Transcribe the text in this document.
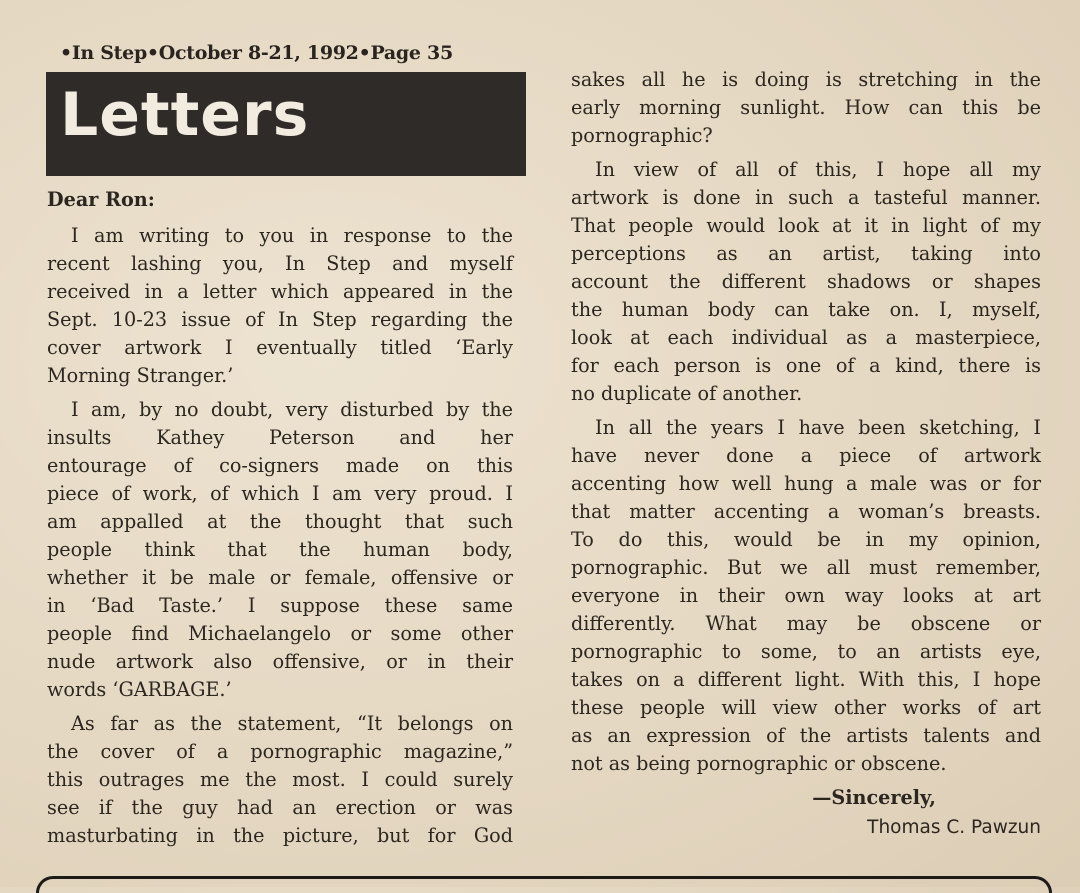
•In Step•October 8-21, 1992•Page 35
Letters
Dear Ron:
I am writing to you in response to the
recent lashing you, In Step and myself
received in a letter which appeared in the
Sept. 10-23 issue of In Step regarding the
cover artwork I eventually titled ‘Early
Morning Stranger.’
I am, by no doubt, very disturbed by the
insults Kathey Peterson and her
entourage of co-signers made on this
piece of work, of which I am very proud. I
am appalled at the thought that such
people think that the human body,
whether it be male or female, offensive or
in ‘Bad Taste.’ I suppose these same
people find Michaelangelo or some other
nude artwork also offensive, or in their
words ‘GARBAGE.’
As far as the statement, “It belongs on
the cover of a pornographic magazine,”
this outrages me the most. I could surely
see if the guy had an erection or was
masturbating in the picture, but for God
sakes all he is doing is stretching in the
early morning sunlight. How can this be
pornographic?
In view of all of this, I hope all my
artwork is done in such a tasteful manner.
That people would look at it in light of my
perceptions as an artist, taking into
account the different shadows or shapes
the human body can take on. I, myself,
look at each individual as a masterpiece,
for each person is one of a kind, there is
no duplicate of another.
In all the years I have been sketching, I
have never done a piece of artwork
accenting how well hung a male was or for
that matter accenting a woman’s breasts.
To do this, would be in my opinion,
pornographic. But we all must remember,
everyone in their own way looks at art
differently. What may be obscene or
pornographic to some, to an artists eye,
takes on a different light. With this, I hope
these people will view other works of art
as an expression of the artists talents and
not as being pornographic or obscene.
—Sincerely,
Thomas C. Pawzun
